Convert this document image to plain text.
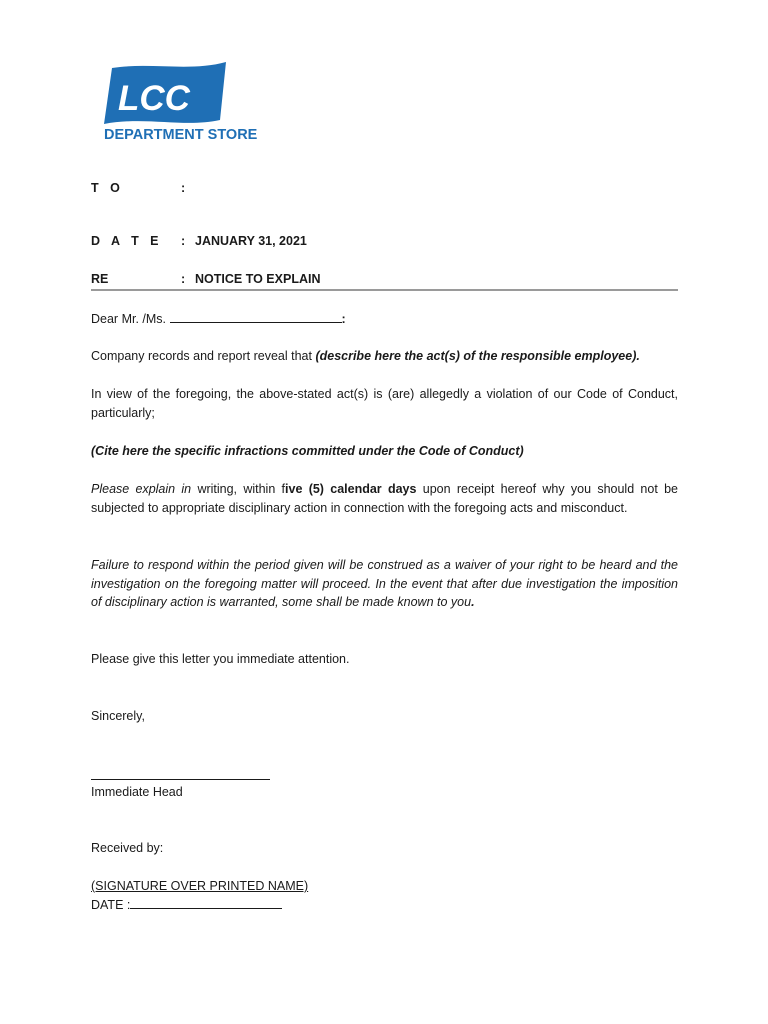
LCC
DEPARTMENT STORE
T O	:
D A T E : JANUARY 31, 2021
RE	: NOTICE TO EXPLAIN
Dear Mr. /Ms.	:
Company records and report reveal that (describe here the act(s) of the responsible employee).
In view of the foregoing, the above-stated act(s) is (are) allegedly a violation of our Code of Conduct, particularly;
(Cite here the specific infractions committed under the Code of Conduct)
Please explain in writing, within five (5) calendar days upon receipt hereof why you should not be subjected to appropriate disciplinary action in connection with the foregoing acts and misconduct.
Failure to respond within the period given will be construed as a waiver of your right to be heard and the investigation on the foregoing matter will proceed. In the event that after due investigation the imposition of disciplinary action is warranted, some shall be made known to you.
Please give this letter you immediate attention.
Sincerely,
Immediate Head
Received by:
(SIGNATURE OVER PRINTED NAME)
DATE :
